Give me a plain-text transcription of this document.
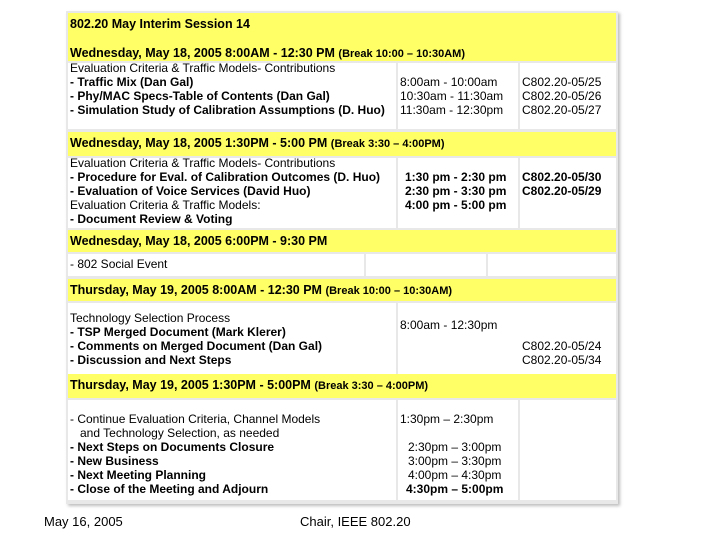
802.20 May Interim Session 14
Wednesday, May 18, 2005 8:00AM - 12:30 PM (Break 10:00 – 10:30AM)
Evaluation Criteria & Traffic Models- Contributions
- Traffic Mix (Dan Gal)
- Phy/MAC Specs-Table of Contents (Dan Gal)
- Simulation Study of Calibration Assumptions (D. Huo)
8:00am - 10:00am
10:30am - 11:30am
11:30am - 12:30pm
C802.20-05/25
C802.20-05/26
C802.20-05/27
Wednesday, May 18, 2005 1:30PM - 5:00 PM (Break 3:30 – 4:00PM)
Evaluation Criteria & Traffic Models- Contributions
- Procedure for Eval. of Calibration Outcomes (D. Huo)
- Evaluation of Voice Services (David Huo)
Evaluation Criteria & Traffic Models:
- Document Review & Voting
1:30 pm - 2:30 pm
2:30 pm - 3:30 pm
4:00 pm - 5:00 pm
C802.20-05/30
C802.20-05/29
Wednesday, May 18, 2005 6:00PM - 9:30 PM
- 802 Social Event
Thursday, May 19, 2005 8:00AM - 12:30 PM (Break 10:00 – 10:30AM)
Technology Selection Process
- TSP Merged Document (Mark Klerer)
- Comments on Merged Document (Dan Gal)
- Discussion and Next Steps
8:00am - 12:30pm
C802.20-05/24
C802.20-05/34
Thursday, May 19, 2005 1:30PM - 5:00PM (Break 3:30 – 4:00PM)
- Continue Evaluation Criteria, Channel Models
and Technology Selection, as needed
- Next Steps on Documents Closure
- New Business
- Next Meeting Planning
- Close of the Meeting and Adjourn
1:30pm – 2:30pm
2:30pm – 3:00pm
3:00pm – 3:30pm
4:00pm – 4:30pm
4:30pm – 5:00pm
May 16, 2005	Chair, IEEE 802.20
